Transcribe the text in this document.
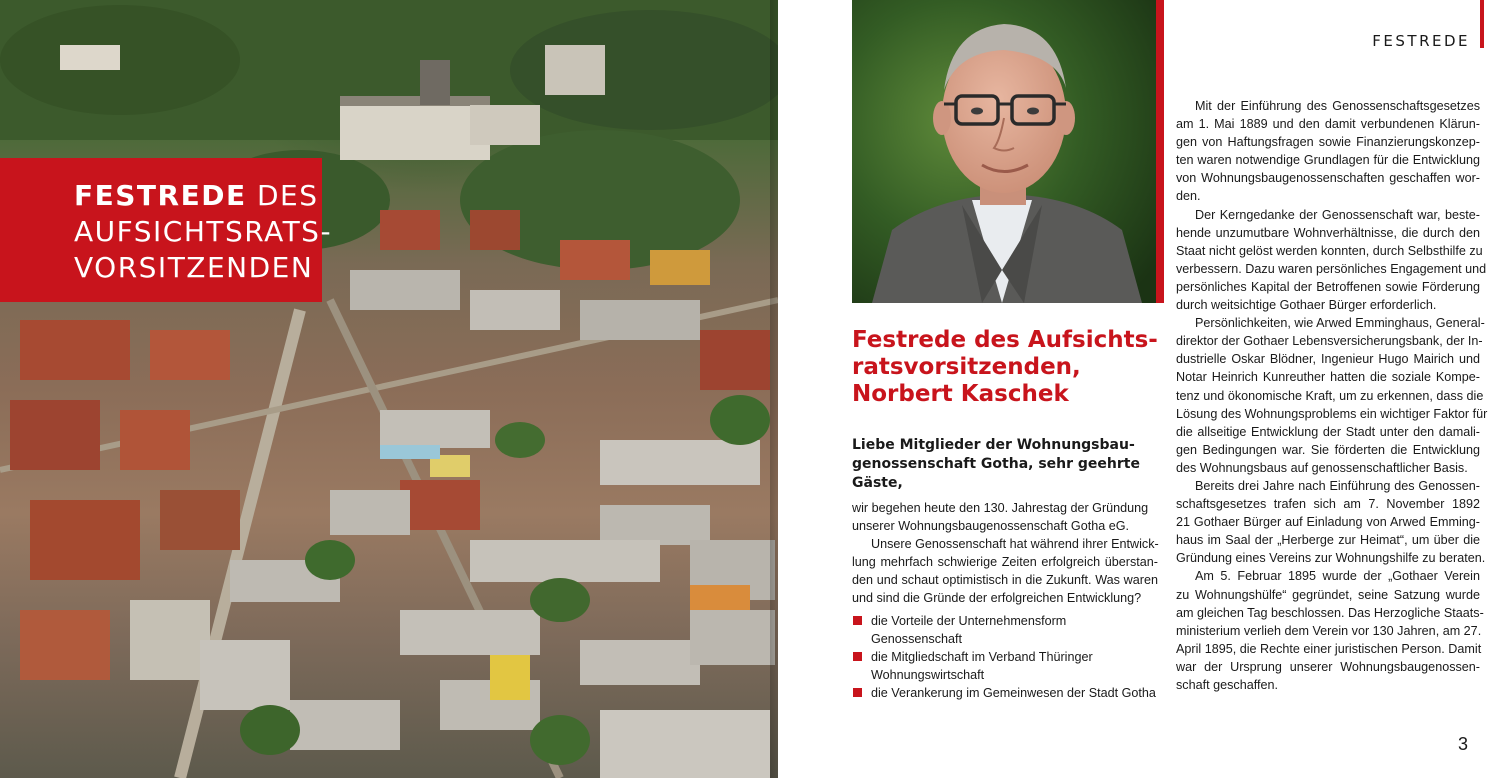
FESTREDE DES
AUFSICHTSRATS-
VORSITZENDEN
FESTREDE
Festrede des Aufsichts-
ratsvorsitzenden,
Norbert Kaschek
Liebe Mitglieder der Wohnungsbau-
genossenschaft Gotha, sehr geehrte
Gäste,
wir begehen heute den 130. Jahrestag der Gründung
unserer Wohnungsbaugenossenschaft Gotha eG.
Unsere Genossenschaft hat während ihrer Entwick-
lung mehrfach schwierige Zeiten erfolgreich überstan-
den und schaut optimistisch in die Zukunft. Was waren
und sind die Gründe der erfolgreichen Entwicklung?
die Vorteile der Unternehmensform
Genossenschaft
die Mitgliedschaft im Verband Thüringer
Wohnungswirtschaft
die Verankerung im Gemeinwesen der Stadt Gotha
Mit der Einführung des Genossenschaftsgesetzes
am 1. Mai 1889 und den damit verbundenen Klärun-
gen von Haftungsfragen sowie Finanzierungskonzep-
ten waren notwendige Grundlagen für die Entwicklung
von Wohnungsbaugenossenschaften geschaffen wor-
den.
Der Kerngedanke der Genossenschaft war, beste-
hende unzumutbare Wohnverhältnisse, die durch den
Staat nicht gelöst werden konnten, durch Selbsthilfe zu
verbessern. Dazu waren persönliches Engagement und
persönliches Kapital der Betroffenen sowie Förderung
durch weitsichtige Gothaer Bürger erforderlich.
Persönlichkeiten, wie Arwed Emminghaus, General-
direktor der Gothaer Lebensversicherungsbank, der In-
dustrielle Oskar Blödner, Ingenieur Hugo Mairich und
Notar Heinrich Kunreuther hatten die soziale Kompe-
tenz und ökonomische Kraft, um zu erkennen, dass die
Lösung des Wohnungsproblems ein wichtiger Faktor für
die allseitige Entwicklung der Stadt unter den damali-
gen Bedingungen war. Sie förderten die Entwicklung
des Wohnungsbaus auf genossenschaftlicher Basis.
Bereits drei Jahre nach Einführung des Genossen-
schaftsgesetzes trafen sich am 7. November 1892
21 Gothaer Bürger auf Einladung von Arwed Emming-
haus im Saal der „Herberge zur Heimat“, um über die
Gründung eines Vereins zur Wohnungshilfe zu beraten.
Am 5. Februar 1895 wurde der „Gothaer Verein
zu Wohnungshülfe“ gegründet, seine Satzung wurde
am gleichen Tag beschlossen. Das Herzogliche Staats-
ministerium verlieh dem Verein vor 130 Jahren, am 27.
April 1895, die Rechte einer juristischen Person. Damit
war der Ursprung unserer Wohnungsbaugenossen-
schaft geschaffen.
3
